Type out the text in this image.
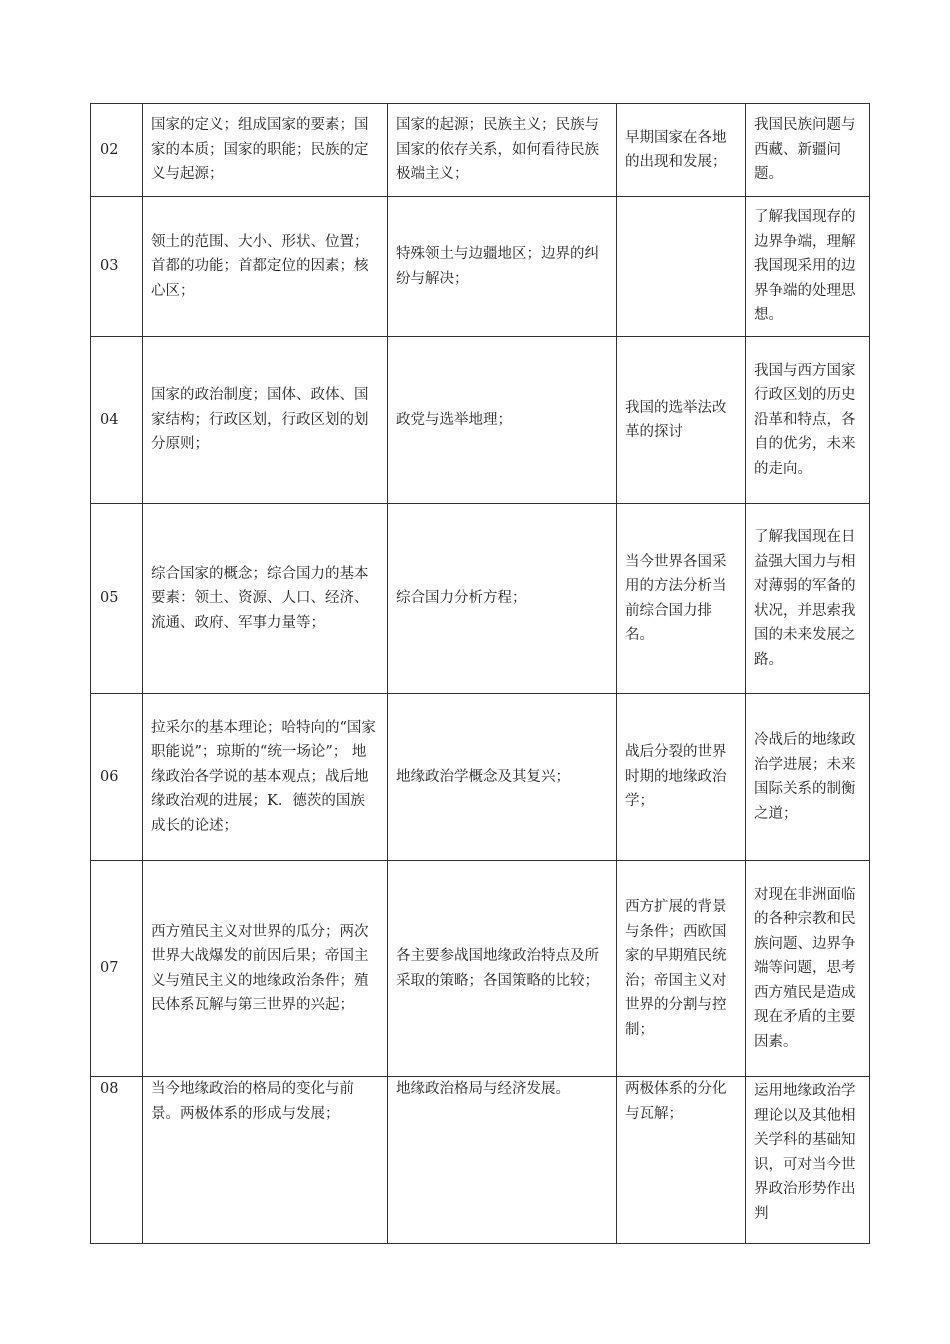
02	国家的定义；组成国家的要素；国家的本质；国家的职能；民族的定义与起源；	国家的起源；民族主义；民族与国家的依存关系，如何看待民族极端主义；	早期国家在各地的出现和发展；	我国民族问题与西藏、新疆问题。
03	领土的范围、大小、形状、位置；首都的功能；首都定位的因素；核心区；	特殊领土与边疆地区；边界的纠纷与解决；		了解我国现存的边界争端，理解我国现采用的边界争端的处理思想。
04	国家的政治制度；国体、政体、国家结构；行政区划，行政区划的划分原则；	政党与选举地理；	我国的选举法改革的探讨	我国与西方国家行政区划的历史沿革和特点，各自的优劣，未来的走向。
05	综合国家的概念；综合国力的基本要素：领土、资源、人口、经济、流通、政府、军事力量等；	综合国力分析方程；	当今世界各国采用的方法分析当前综合国力排名。	了解我国现在日益强大国力与相对薄弱的军备的状况，并思索我国的未来发展之路。
06	拉采尔的基本理论；哈特向的“国家职能说”；琼斯的“统一场论”； 地缘政治各学说的基本观点；战后地缘政治观的进展；K．德茨的国族成长的论述；	地缘政治学概念及其复兴；	战后分裂的世界时期的地缘政治学；	冷战后的地缘政治学进展；未来国际关系的制衡之道；
07	西方殖民主义对世界的瓜分；两次世界大战爆发的前因后果；帝国主义与殖民主义的地缘政治条件；殖民体系瓦解与第三世界的兴起；	各主要参战国地缘政治特点及所采取的策略；各国策略的比较；	西方扩展的背景与条件；西欧国家的早期殖民统治；帝国主义对世界的分割与控制；	对现在非洲面临的各种宗教和民族问题、边界争端等问题，思考西方殖民是造成现在矛盾的主要因素。
08	当今地缘政治的格局的变化与前景。两极体系的形成与发展；	地缘政治格局与经济发展。	两极体系的分化与瓦解；	运用地缘政治学理论以及其他相关学科的基础知识，可对当今世界政治形势作出判
